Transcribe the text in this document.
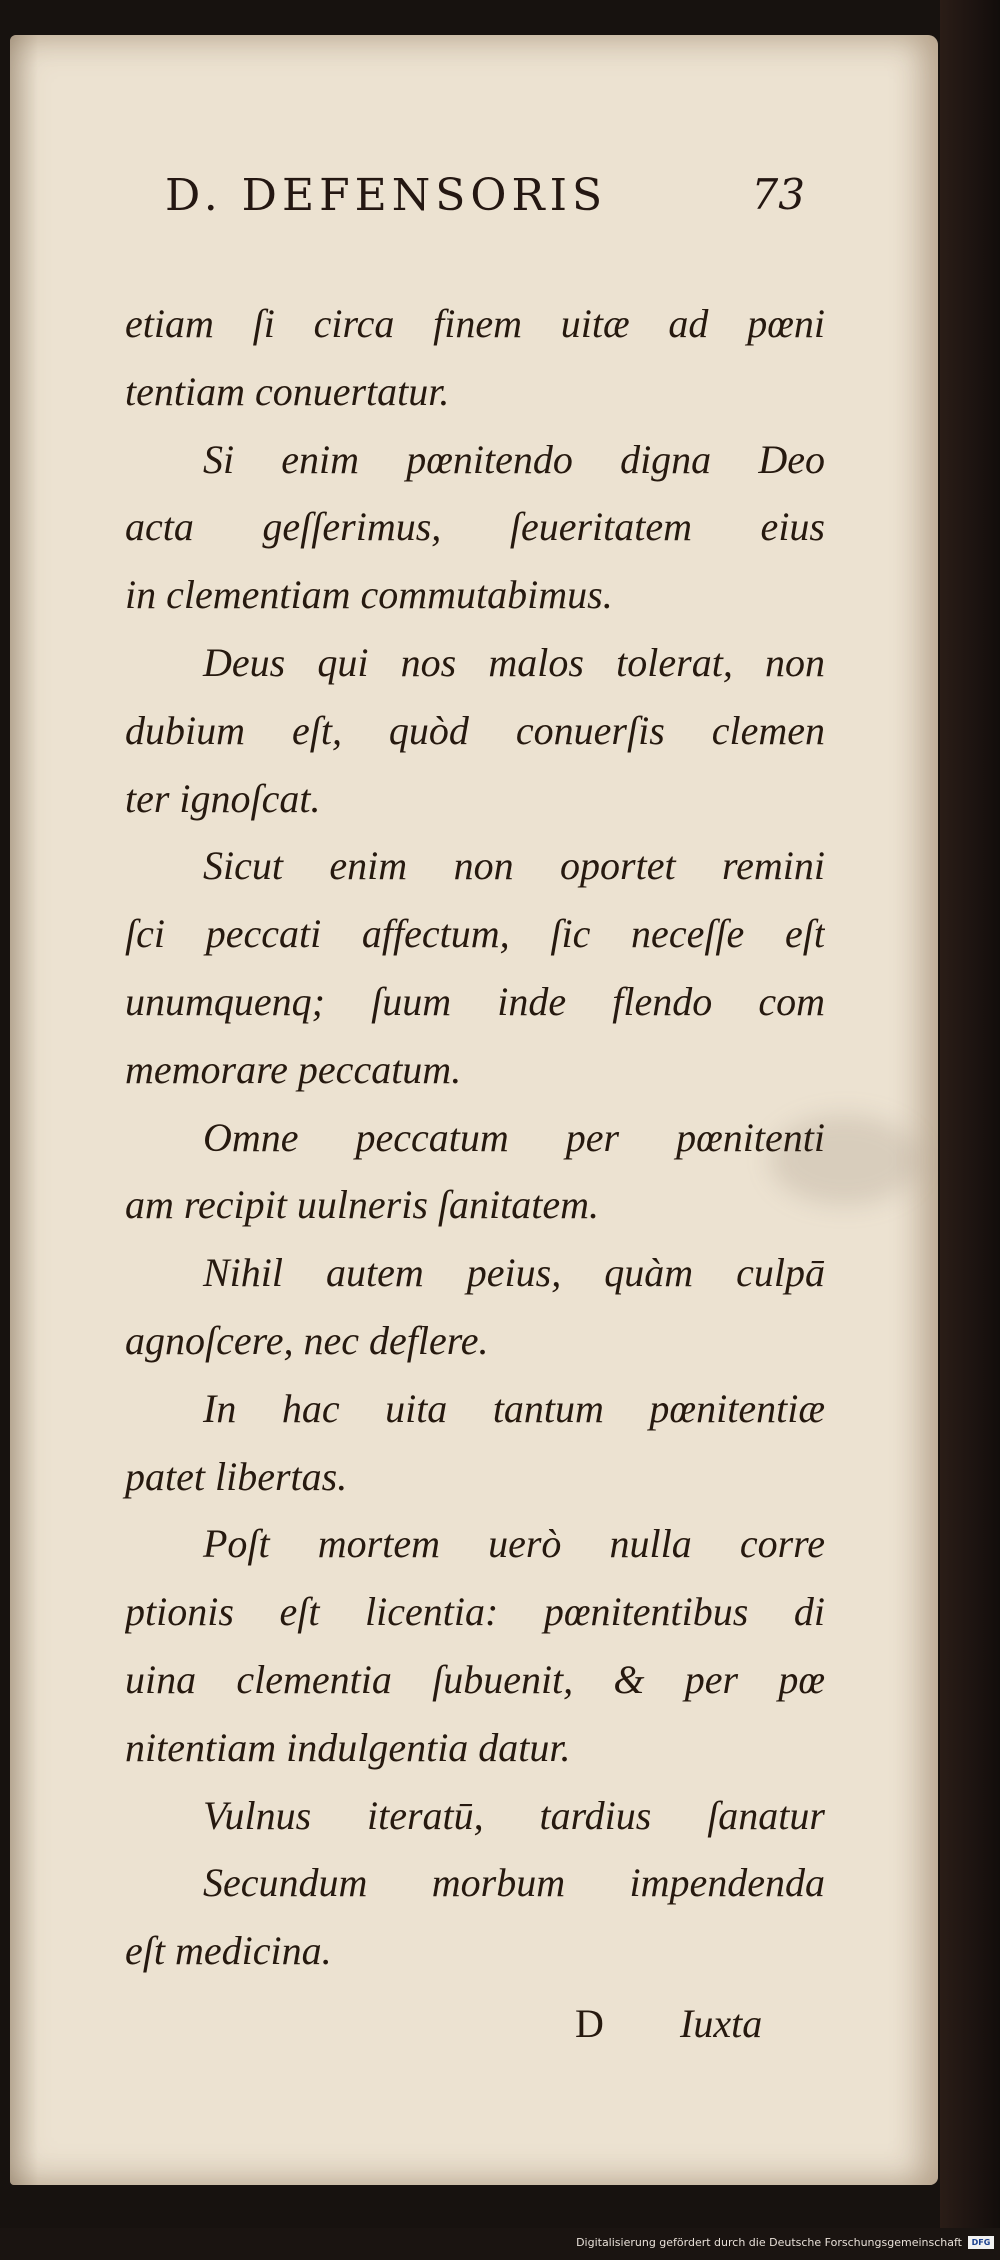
D. DEFENSORIS	73
etiam ſi circa finem uitæ ad pœni
tentiam conuertatur.
Si enim pœnitendo digna Deo
acta geſſerimus, ſeueritatem eius
in clementiam commutabimus.
Deus qui nos malos tolerat, non
dubium eſt, quòd conuerſis clemen
ter ignoſcat.
Sicut enim non oportet remini
ſci peccati affectum, ſic neceſſe eſt
unumquenq; ſuum inde flendo com
memorare peccatum.
Omne peccatum per pœnitenti
am recipit uulneris ſanitatem.
Nihil autem peius, quàm culpā
agnoſcere, nec deflere.
In hac uita tantum pœnitentiæ
patet libertas.
Poſt mortem uerò nulla corre
ptionis eſt licentia: pœnitentibus di
uina clementia ſubuenit, & per pœ
nitentiam indulgentia datur.
Vulnus iteratū, tardius ſanatur
Secundum morbum impendenda
eſt medicina.
D Iuxta
Digitalisierung gefördert durch die Deutsche Forschungsgemeinschaft	DFG
